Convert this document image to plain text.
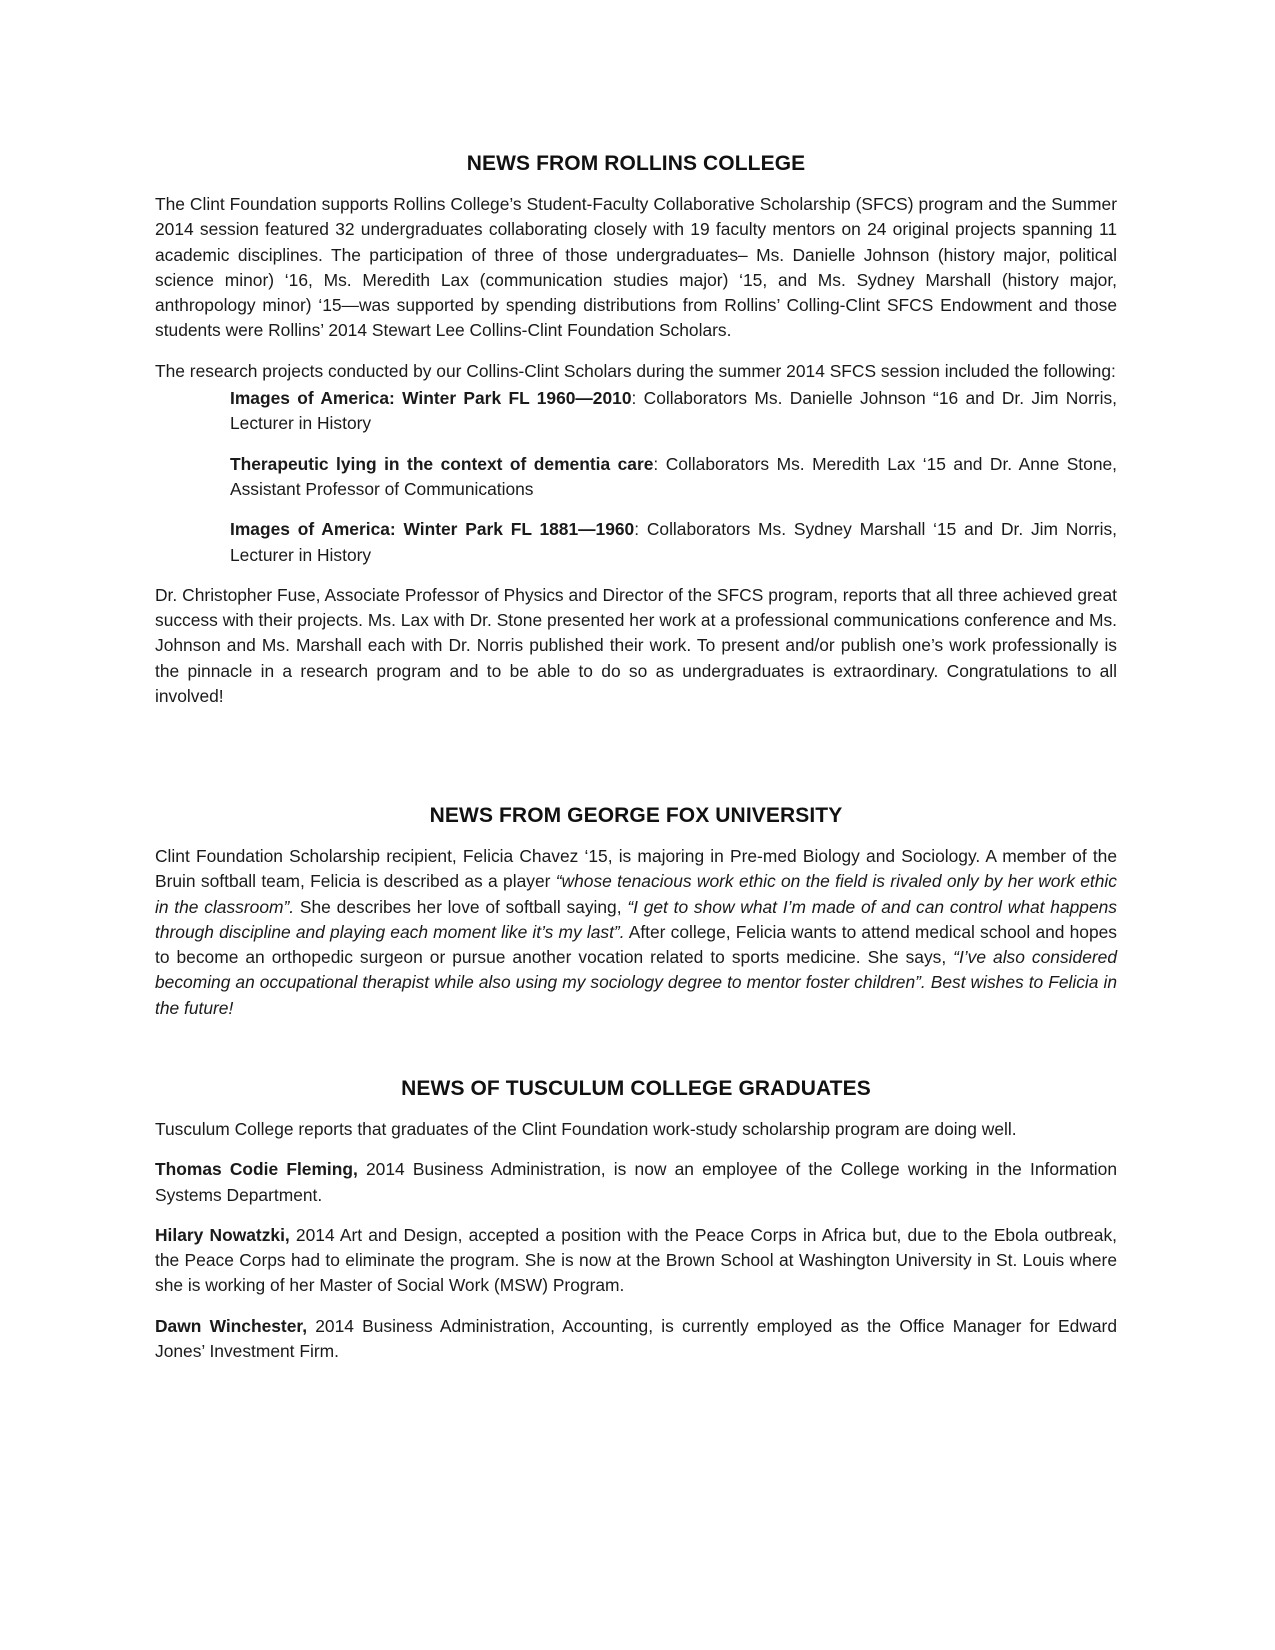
NEWS FROM ROLLINS COLLEGE

The Clint Foundation supports Rollins College’s Student-Faculty Collaborative Scholarship (SFCS) program and the Summer 2014 session featured 32 undergraduates collaborating closely with 19 faculty mentors on 24 original projects spanning 11 academic disciplines. The participation of three of those undergraduates– Ms. Danielle Johnson (history major, political science minor) ‘16, Ms. Meredith Lax (communication studies major) ‘15, and Ms. Sydney Marshall (history major, anthropology minor) ‘15—was supported by spending distributions from Rollins’ Colling-Clint SFCS Endowment and those students were Rollins’ 2014 Stewart Lee Collins-Clint Foundation Scholars.

The research projects conducted by our Collins-Clint Scholars during the summer 2014 SFCS session included the following:

Images of America: Winter Park FL 1960—2010: Collaborators Ms. Danielle Johnson “16 and Dr. Jim Norris, Lecturer in History

Therapeutic lying in the context of dementia care: Collaborators Ms. Meredith Lax ‘15 and Dr. Anne Stone, Assistant Professor of Communications

Images of America: Winter Park FL 1881—1960: Collaborators Ms. Sydney Marshall ‘15 and Dr. Jim Norris, Lecturer in History

Dr. Christopher Fuse, Associate Professor of Physics and Director of the SFCS program, reports that all three achieved great success with their projects. Ms. Lax with Dr. Stone presented her work at a professional communications conference and Ms. Johnson and Ms. Marshall each with Dr. Norris published their work. To present and/or publish one’s work professionally is the pinnacle in a research program and to be able to do so as undergraduates is extraordinary. Congratulations to all involved!

NEWS FROM GEORGE FOX UNIVERSITY

Clint Foundation Scholarship recipient, Felicia Chavez ‘15, is majoring in Pre-med Biology and Sociology. A member of the Bruin softball team, Felicia is described as a player “whose tenacious work ethic on the field is rivaled only by her work ethic in the classroom”. She describes her love of softball saying, “I get to show what I’m made of and can control what happens through discipline and playing each moment like it’s my last”. After college, Felicia wants to attend medical school and hopes to become an orthopedic surgeon or pursue another vocation related to sports medicine. She says, “I’ve also considered becoming an occupational therapist while also using my sociology degree to mentor foster children”. Best wishes to Felicia in the future!

NEWS OF TUSCULUM COLLEGE GRADUATES

Tusculum College reports that graduates of the Clint Foundation work-study scholarship program are doing well.

Thomas Codie Fleming, 2014 Business Administration, is now an employee of the College working in the Information Systems Department.

Hilary Nowatzki, 2014 Art and Design, accepted a position with the Peace Corps in Africa but, due to the Ebola outbreak, the Peace Corps had to eliminate the program. She is now at the Brown School at Washington University in St. Louis where she is working of her Master of Social Work (MSW) Program.

Dawn Winchester, 2014 Business Administration, Accounting, is currently employed as the Office Manager for Edward Jones’ Investment Firm.
